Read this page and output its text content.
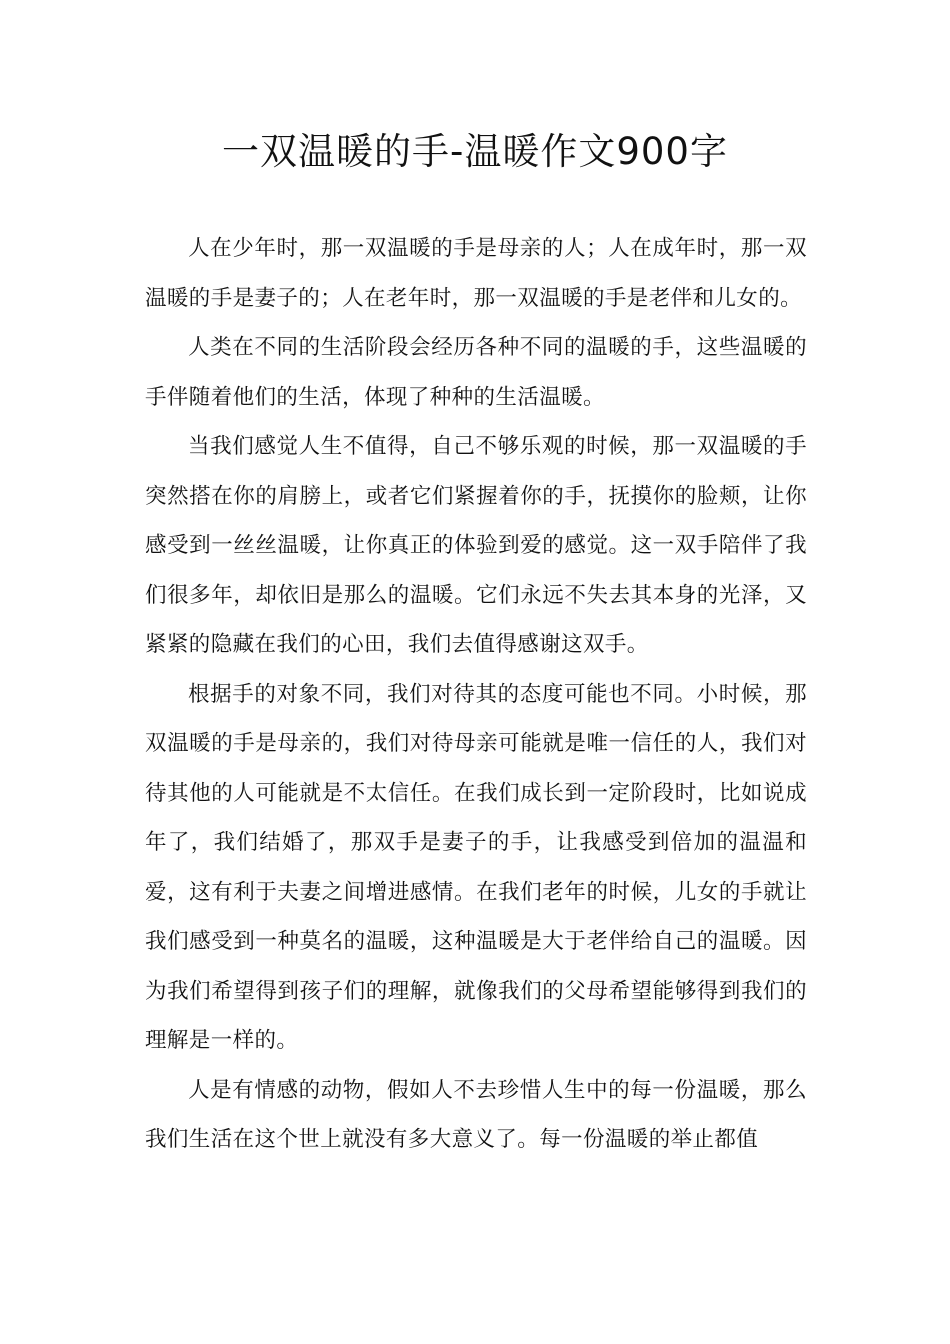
一双温暖的手-温暖作文900字

人在少年时，那一双温暖的手是母亲的人；人在成年时，那一双温暖的手是妻子的；人在老年时，那一双温暖的手是老伴和儿女的。

人类在不同的生活阶段会经历各种不同的温暖的手，这些温暖的手伴随着他们的生活，体现了种种的生活温暖。

当我们感觉人生不值得，自己不够乐观的时候，那一双温暖的手突然搭在你的肩膀上，或者它们紧握着你的手，抚摸你的脸颊，让你感受到一丝丝温暖，让你真正的体验到爱的感觉。这一双手陪伴了我们很多年，却依旧是那么的温暖。它们永远不失去其本身的光泽，又紧紧的隐藏在我们的心田，我们去值得感谢这双手。

根据手的对象不同，我们对待其的态度可能也不同。小时候，那双温暖的手是母亲的，我们对待母亲可能就是唯一信任的人，我们对待其他的人可能就是不太信任。在我们成长到一定阶段时，比如说成年了，我们结婚了，那双手是妻子的手，让我感受到倍加的温温和爱，这有利于夫妻之间增进感情。在我们老年的时候，儿女的手就让我们感受到一种莫名的温暖，这种温暖是大于老伴给自己的温暖。因为我们希望得到孩子们的理解，就像我们的父母希望能够得到我们的理解是一样的。

人是有情感的动物，假如人不去珍惜人生中的每一份温暖，那么我们生活在这个世上就没有多大意义了。每一份温暖的举止都值
